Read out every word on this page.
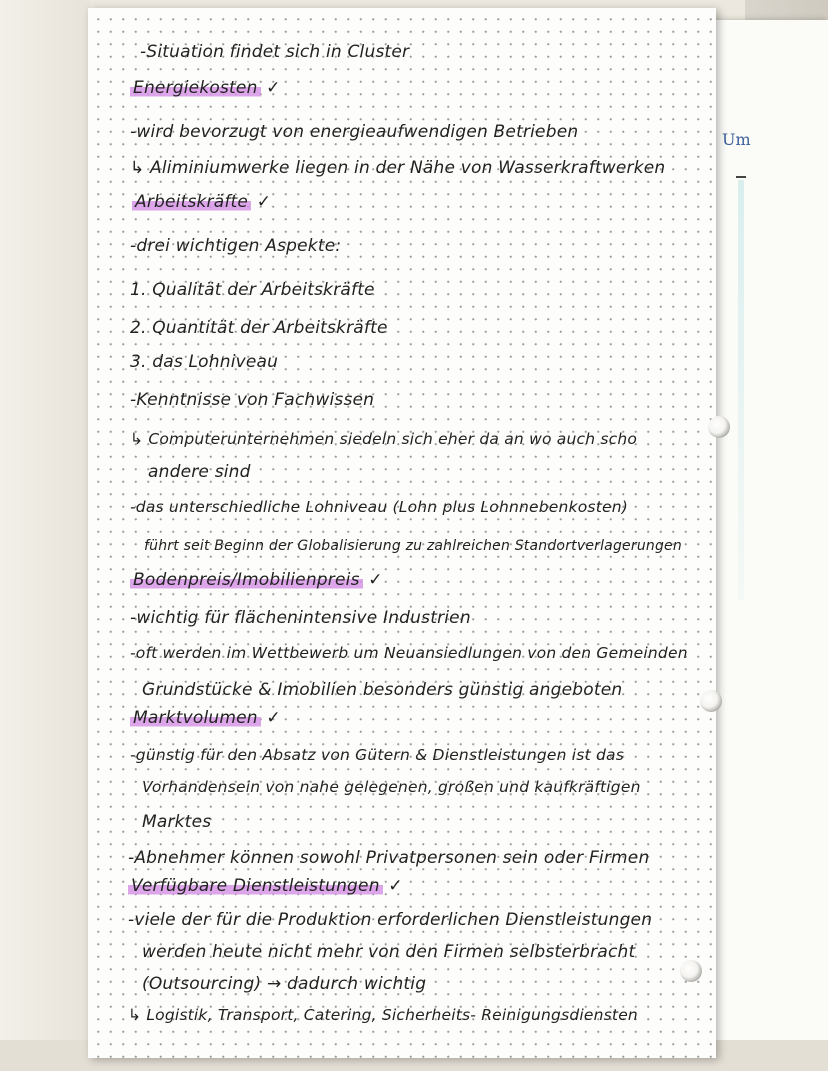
Um
-Situation findet sich in Cluster
Energiekosten ✓
-wird bevorzugt von energieaufwendigen Betrieben
↳ Aliminiumwerke liegen in der Nähe von Wasserkraftwerken
Arbeitskräfte ✓
-drei wichtigen Aspekte:
1. Qualität der Arbeitskräfte
2. Quantität der Arbeitskräfte
3. das Lohniveau
-Kenntnisse von Fachwissen
↳ Computerunternehmen siedeln sich eher da an wo auch scho
andere sind
-das unterschiedliche Lohniveau (Lohn plus Lohnnebenkosten)
führt seit Beginn der Globalisierung zu zahlreichen Standortverlagerungen
Bodenpreis/Imobilienpreis ✓
-wichtig für flächenintensive Industrien
-oft werden im Wettbewerb um Neuansiedlungen von den Gemeinden
Grundstücke & Imobilien besonders günstig angeboten
Marktvolumen ✓
-günstig für den Absatz von Gütern & Dienstleistungen ist das
Vorhandensein von nahe gelegenen, großen und kaufkräftigen
Marktes
-Abnehmer können sowohl Privatpersonen sein oder Firmen
Verfügbare Dienstleistungen ✓
-viele der für die Produktion erforderlichen Dienstleistungen
werden heute nicht mehr von den Firmen selbsterbracht
(Outsourcing) → dadurch wichtig
↳ Logistik, Transport, Catering, Sicherheits- Reinigungsdiensten
